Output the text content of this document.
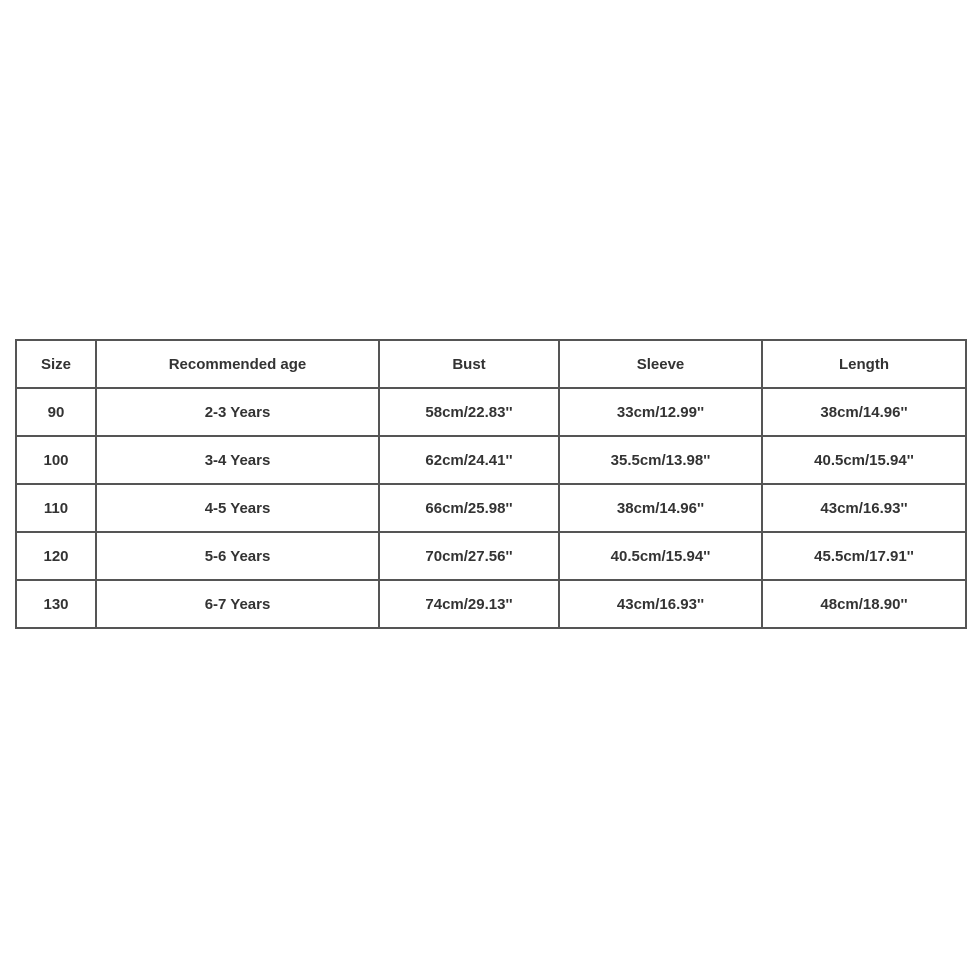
Size	Recommended age	Bust	Sleeve	Length
90	2-3 Years	58cm/22.83''	33cm/12.99''	38cm/14.96''
100	3-4 Years	62cm/24.41''	35.5cm/13.98''	40.5cm/15.94''
110	4-5 Years	66cm/25.98''	38cm/14.96''	43cm/16.93''
120	5-6 Years	70cm/27.56''	40.5cm/15.94''	45.5cm/17.91''
130	6-7 Years	74cm/29.13''	43cm/16.93''	48cm/18.90''
